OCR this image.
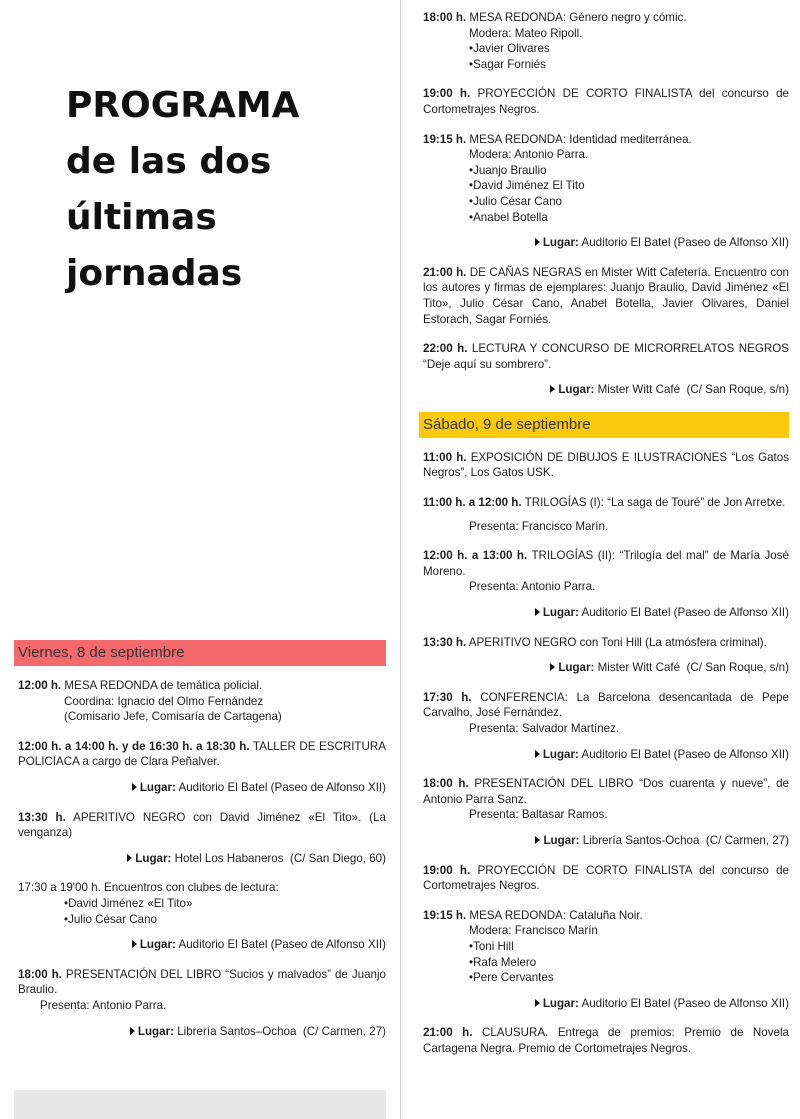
PROGRAMA
de las dos
últimas
jornadas
Viernes, 8 de septiembre

12:00 h. MESA REDONDA de temática policial.

Coordina: Ignacio del Olmo Fernández

(Comisario Jefe, Comisaría de Cartagena)

12:00 h. a 14:00 h. y de 16:30 h. a 18:30 h. TALLER DE ESCRITURA POLICIACA a cargo de Clara Peñalver.

Lugar: Auditorio El Batel (Paseo de Alfonso XII)

13:30 h. APERITIVO NEGRO con David Jiménez «El Tito». (La venganza)

Lugar: Hotel Los Habaneros (C/ San Diego, 60)

17:30 a 19'00 h. Encuentros con clubes de lectura:

• David Jiménez «El Tito»

• Julio César Cano

Lugar: Auditorio El Batel (Paseo de Alfonso XII)

18:00 h. PRESENTACIÓN DEL LIBRO “Sucios y malvados” de Juanjo Braulio.

Presenta: Antonio Parra.

Lugar: Librería Santos–Ochoa (C/ Carmen, 27)

18:00 h. MESA REDONDA: Género negro y cómic.

Modera: Mateo Ripoll.

• Javier Olivares

• Sagar Forniés

19:00 h. PROYECCIÓN DE CORTO FINALISTA del concurso de Cortometrajes Negros.

19:15 h. MESA REDONDA: Identidad mediterránea.

Modera: Antonio Parra.

• Juanjo Braulio

• David Jiménez El Tito

• Julio César Cano

• Anabel Botella

Lugar: Auditorio El Batel (Paseo de Alfonso XII)

21:00 h. DE CAÑAS NEGRAS en Mister Witt Cafetería. Encuentro con los autores y firmas de ejemplares: Juanjo Braulio, David Jiménez «El Tito», Julio César Cano, Anabel Botella, Javier Olivares, Daniel Estorach, Sagar Forniés.

22:00 h. LECTURA Y CONCURSO DE MICRORRELATOS NEGROS “Deje aquí su sombrero”.

Lugar: Mister Witt Café (C/ San Roque, s/n)
Sábado, 9 de septiembre

11:00 h. EXPOSICIÓN DE DIBUJOS E ILUSTRACIONES “Los Gatos Negros”, Los Gatos USK.

11:00 h. a 12:00 h. TRILOGÍAS (I): “La saga de Touré” de Jon Arretxe.

Presenta: Francisco Marín.

12:00 h. a 13:00 h. TRILOGÍAS (II): “Trilogía del mal” de María José Moreno.

Presenta: Antonio Parra.

Lugar: Auditorio El Batel (Paseo de Alfonso XII)

13:30 h. APERITIVO NEGRO con Toni Hill (La atmósfera criminal).

Lugar: Mister Witt Café (C/ San Roque, s/n)

17:30 h. CONFERENCIA: La Barcelona desencantada de Pepe Carvalho, José Fernández.

Presenta: Salvador Martínez.

Lugar: Auditorio El Batel (Paseo de Alfonso XII)

18:00 h. PRESENTACIÓN DEL LIBRO “Dos cuarenta y nueve”, de Antonio Parra Sanz.

Presenta: Baltasar Ramos.

Lugar: Librería Santos-Ochoa (C/ Carmen, 27)

19:00 h. PROYECCIÓN DE CORTO FINALISTA del concurso de Cortometrajes Negros.

19:15 h. MESA REDONDA: Cataluña Noir.

Modera: Francisco Marín

• Toni Hill

• Rafa Melero

• Pere Cervantes

Lugar: Auditorio El Batel (Paseo de Alfonso XII)

21:00 h. CLAUSURA. Entrega de premios: Premio de Novela Cartagena Negra. Premio de Cortometrajes Negros.
